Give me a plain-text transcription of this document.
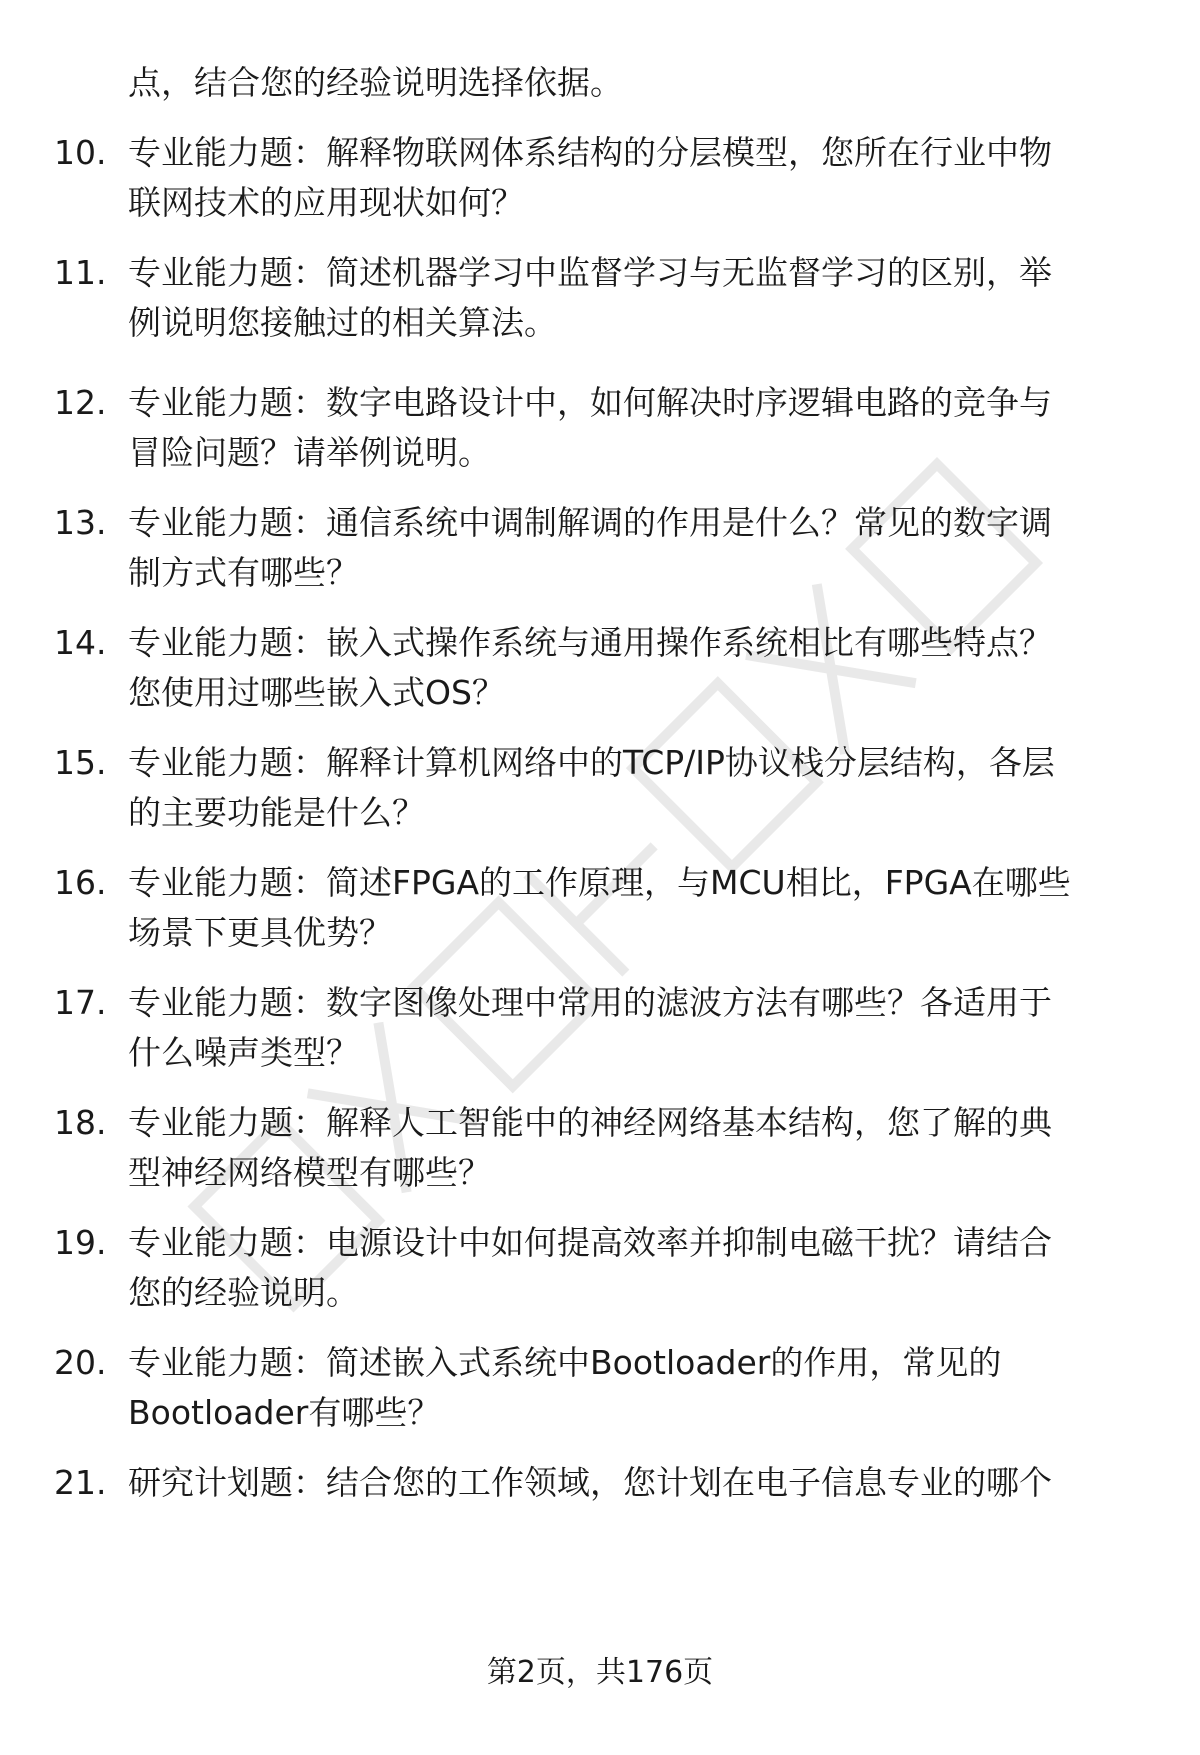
点，结合您的经验说明选择依据。
10. 专业能力题：解释物联网体系结构的分层模型，您所在行业中物
联网技术的应用现状如何？
11. 专业能力题：简述机器学习中监督学习与无监督学习的区别，举
例说明您接触过的相关算法。
12. 专业能力题：数字电路设计中，如何解决时序逻辑电路的竞争与
冒险问题？请举例说明。
13. 专业能力题：通信系统中调制解调的作用是什么？常见的数字调
制方式有哪些？
14. 专业能力题：嵌入式操作系统与通用操作系统相比有哪些特点？
您使用过哪些嵌入式OS？
15. 专业能力题：解释计算机网络中的TCP/IP协议栈分层结构，各层
的主要功能是什么？
16. 专业能力题：简述FPGA的工作原理，与MCU相比，FPGA在哪些
场景下更具优势？
17. 专业能力题：数字图像处理中常用的滤波方法有哪些？各适用于
什么噪声类型？
18. 专业能力题：解释人工智能中的神经网络基本结构，您了解的典
型神经网络模型有哪些？
19. 专业能力题：电源设计中如何提高效率并抑制电磁干扰？请结合
您的经验说明。
20. 专业能力题：简述嵌入式系统中Bootloader的作用，常见的
Bootloader有哪些？
21. 研究计划题：结合您的工作领域，您计划在电子信息专业的哪个
第2页，共176页
